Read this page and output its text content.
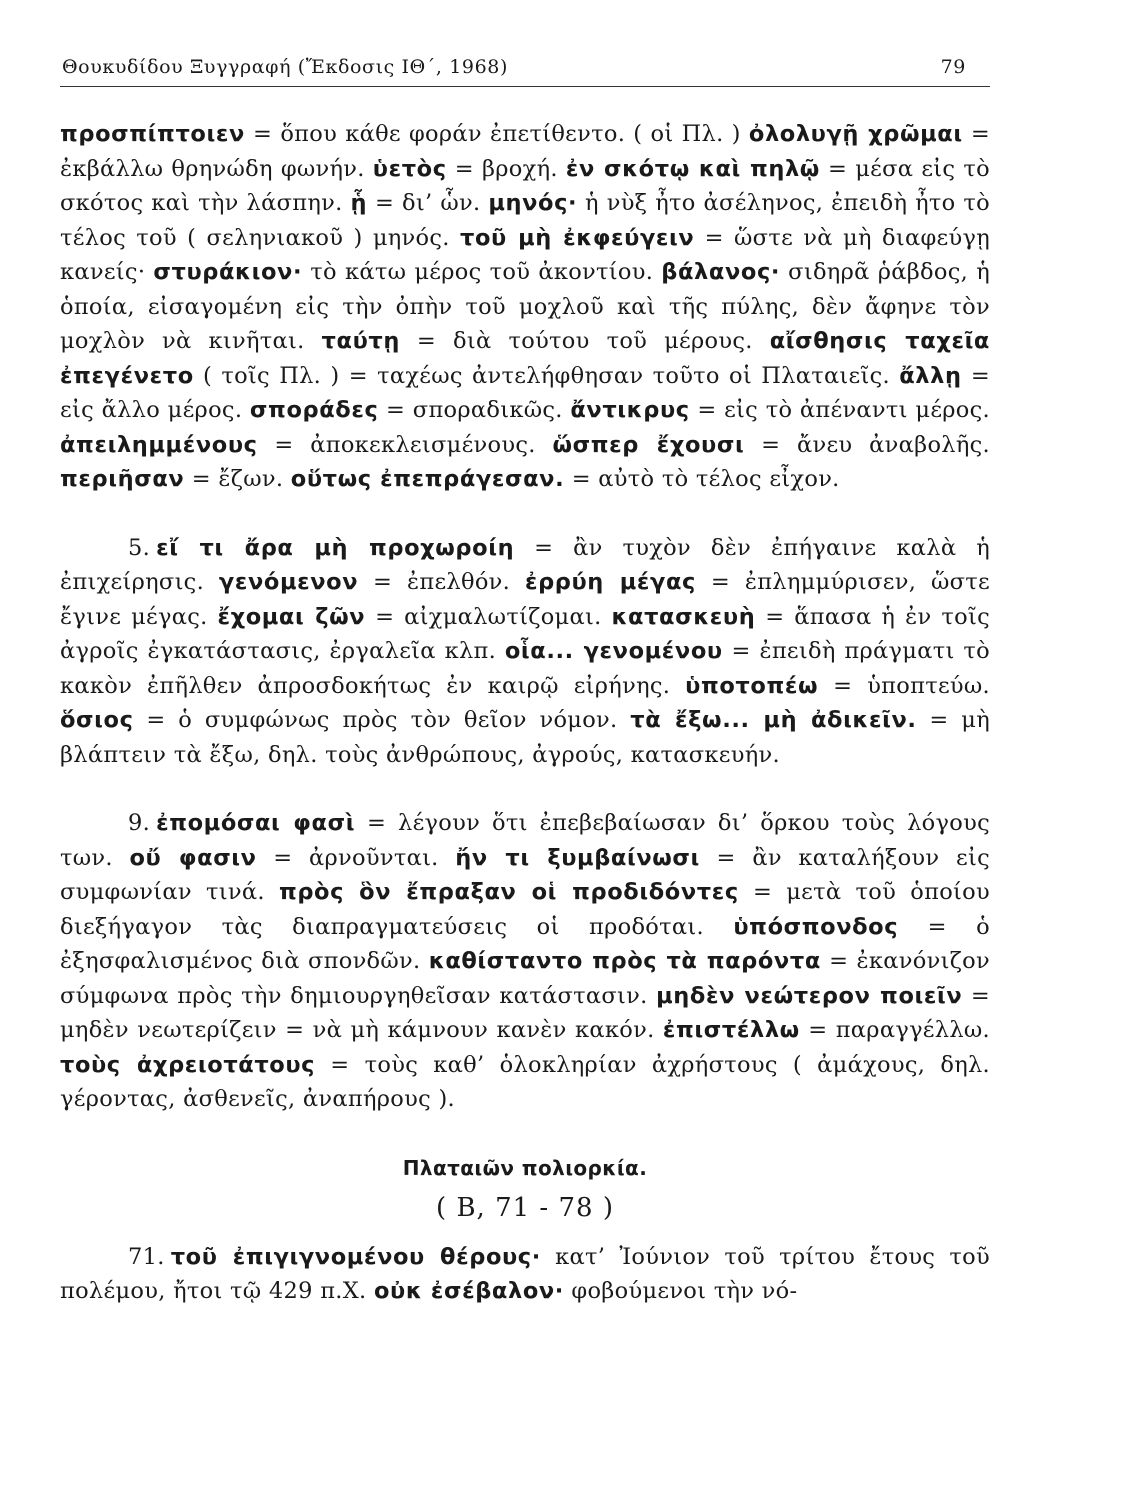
Θουκυδίδου Ξυγγραφή (Ἔκδοσις ΙΘ΄, 1968)	79

προσπίπτοιεν = ὅπου κάθε φοράν ἐπετίθεντο. ( οἱ Πλ. ) ὀλολυγῇ χρῶμαι = ἐκβάλλω θρηνώδη φωνήν. ὑετὸς = βροχή. ἐν σκότῳ καὶ πηλῷ = μέσα εἰς τὸ σκότος καὶ τὴν λάσπην. ᾗ = δι’ ὧν. μηνός· ἡ νὺξ ἦτο ἀσέληνος, ἐπειδὴ ἦτο τὸ τέλος τοῦ ( σεληνιακοῦ ) μηνός. τοῦ μὴ ἐκφεύγειν = ὥστε νὰ μὴ διαφεύγῃ κανείς· στυράκιον· τὸ κάτω μέρος τοῦ ἀκοντίου. βάλανος· σιδηρᾶ ῥάβδος, ἡ ὁποία, εἰσαγομένη εἰς τὴν ὀπὴν τοῦ μοχλοῦ καὶ τῆς πύλης, δὲν ἄφηνε τὸν μοχλὸν νὰ κινῆται. ταύτῃ = διὰ τούτου τοῦ μέρους. αἴσθησις ταχεῖα ἐπεγένετο ( τοῖς Πλ. ) = ταχέως ἀντελήφθησαν τοῦτο οἱ Πλαταιεῖς. ἄλλῃ = εἰς ἄλλο μέρος. σποράδες = σποραδικῶς. ἄντικρυς = εἰς τὸ ἀπέναντι μέρος. ἀπειλημμένους = ἀποκεκλεισμένους. ὥσπερ ἔχουσι = ἄνευ ἀναβολῆς. περιῆσαν = ἔζων. οὕτως ἐπεπράγεσαν. = αὐτὸ τὸ τέλος εἶχον.

5. εἴ τι ἄρα μὴ προχωροίη = ἂν τυχὸν δὲν ἐπήγαινε καλὰ ἡ ἐπιχείρησις. γενόμενον = ἐπελθόν. ἐρρύη μέγας = ἐπλημμύρισεν, ὥστε ἔγινε μέγας. ἔχομαι ζῶν = αἰχμαλωτίζομαι. κατασκευὴ = ἅπασα ἡ ἐν τοῖς ἀγροῖς ἐγκατάστασις, ἐργαλεῖα κλπ. οἷα... γενομένου = ἐπειδὴ πράγματι τὸ κακὸν ἐπῆλθεν ἀπροσδοκήτως ἐν καιρῷ εἰρήνης. ὑποτοπέω = ὑποπτεύω. ὅσιος = ὁ συμφώνως πρὸς τὸν θεῖον νόμον. τὰ ἔξω... μὴ ἀδικεῖν. = μὴ βλάπτειν τὰ ἔξω, δηλ. τοὺς ἀνθρώπους, ἀγρούς, κατασκευήν.

9. ἐπομόσαι φασὶ = λέγουν ὅτι ἐπεβεβαίωσαν δι’ ὅρκου τοὺς λόγους των. οὔ φασιν = ἀρνοῦνται. ἤν τι ξυμβαίνωσι = ἂν καταλήξουν εἰς συμφωνίαν τινά. πρὸς ὃν ἔπραξαν οἱ προδιδόντες = μετὰ τοῦ ὁποίου διεξήγαγον τὰς διαπραγματεύσεις οἱ προδόται. ὑπόσπονδος = ὁ ἐξησφαλισμένος διὰ σπονδῶν. καθίσταντο πρὸς τὰ παρόντα = ἐκανόνιζον σύμφωνα πρὸς τὴν δημιουργηθεῖσαν κατάστασιν. μηδὲν νεώτερον ποιεῖν = μηδὲν νεωτερίζειν = νὰ μὴ κάμνουν κανὲν κακόν. ἐπιστέλλω = παραγγέλλω. τοὺς ἀχρειοτάτους = τοὺς καθ’ ὁλοκληρίαν ἀχρήστους ( ἀμάχους, δηλ. γέροντας, ἀσθενεῖς, ἀναπήρους ).

Πλαταιῶν πολιορκία.
( Β, 71 - 78 )

71. τοῦ ἐπιγιγνομένου θέρους· κατ’ Ἰούνιον τοῦ τρίτου ἔτους τοῦ πολέμου, ἤτοι τῷ 429 π.Χ. οὐκ ἐσέβαλον· φοβούμενοι τὴν νό-
